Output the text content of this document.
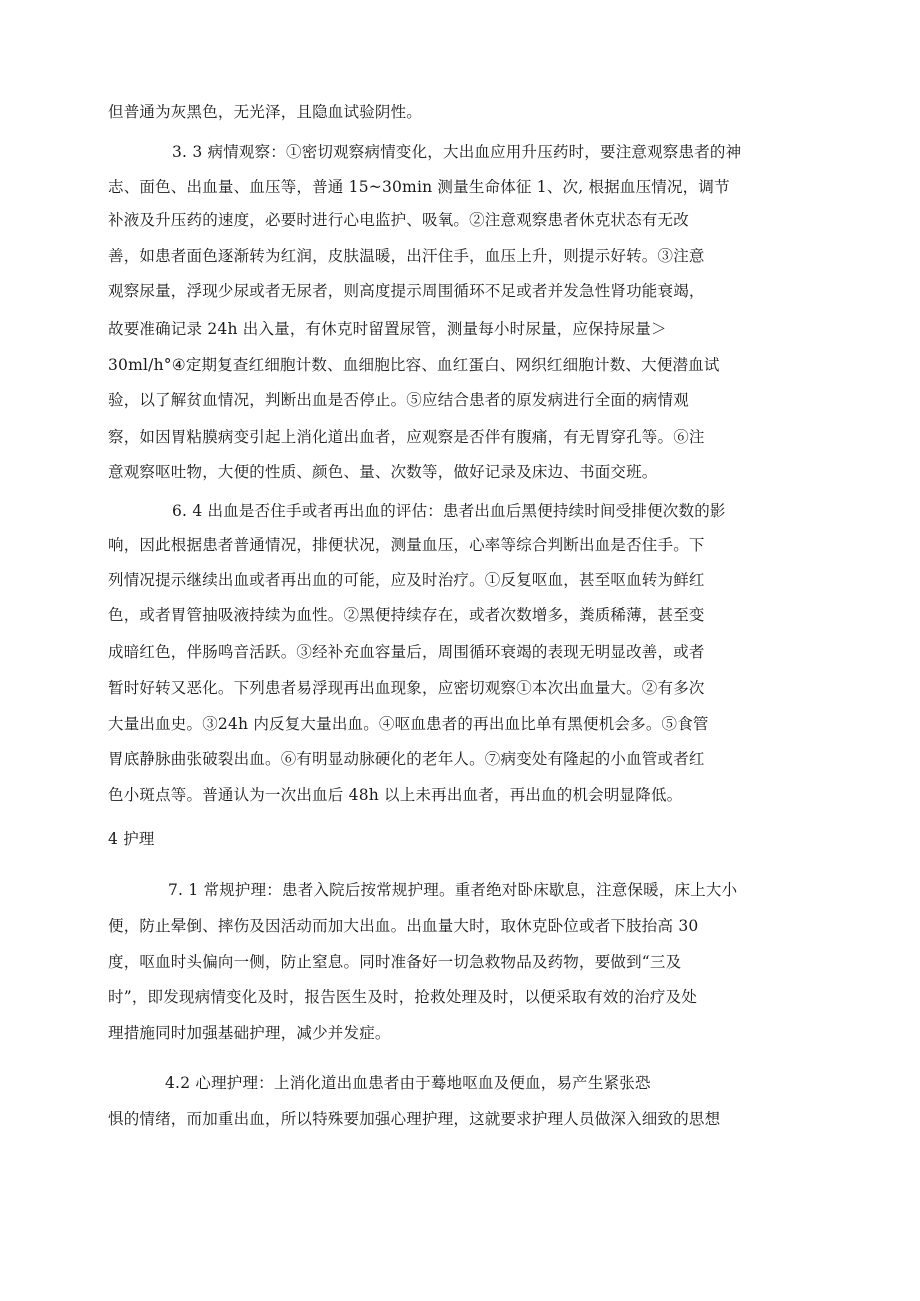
但普通为灰黑色，无光泽，且隐血试验阴性。
3. 3 病情观察：①密切观察病情变化，大出血应用升压药时，要注意观察患者的神
志、面色、出血量、血压等，普通 15~30min 测量生命体征 1、次, 根据血压情况，调节
补液及升压药的速度，必要时进行心电监护、吸氧。②注意观察患者休克状态有无改
善，如患者面色逐渐转为红润，皮肤温暖，出汗住手，血压上升，则提示好转。③注意
观察尿量，浮现少尿或者无尿者，则高度提示周围循环不足或者并发急性肾功能衰竭，
故要准确记录 24h 出入量，有休克时留置尿管，测量每小时尿量，应保持尿量＞
30ml/h°④定期复查红细胞计数、血细胞比容、血红蛋白、网织红细胞计数、大便潜血试
验，以了解贫血情况，判断出血是否停止。⑤应结合患者的原发病进行全面的病情观
察，如因胃粘膜病变引起上消化道出血者，应观察是否伴有腹痛，有无胃穿孔等。⑥注
意观察呕吐物，大便的性质、颜色、量、次数等，做好记录及床边、书面交班。
6. 4 出血是否住手或者再出血的评估：患者出血后黑便持续时间受排便次数的影
响，因此根据患者普通情况，排便状况，测量血压，心率等综合判断出血是否住手。下
列情况提示继续出血或者再出血的可能，应及时治疗。①反复呕血，甚至呕血转为鲜红
色，或者胃管抽吸液持续为血性。②黑便持续存在，或者次数增多，粪质稀薄，甚至变
成暗红色，伴肠鸣音活跃。③经补充血容量后，周围循环衰竭的表现无明显改善，或者
暂时好转又恶化。下列患者易浮现再出血现象，应密切观察①本次出血量大。②有多次
大量出血史。③24h 内反复大量出血。④呕血患者的再出血比单有黑便机会多。⑤食管
胃底静脉曲张破裂出血。⑥有明显动脉硬化的老年人。⑦病变处有隆起的小血管或者红
色小斑点等。普通认为一次出血后 48h 以上未再出血者，再出血的机会明显降低。
4 护理
7. 1 常规护理：患者入院后按常规护理。重者绝对卧床歇息，注意保暖，床上大小
便，防止晕倒、摔伤及因活动而加大出血。出血量大时，取休克卧位或者下肢抬高 30
度，呕血时头偏向一侧，防止窒息。同时准备好一切急救物品及药物，要做到“三及
时”，即发现病情变化及时，报告医生及时，抢救处理及时，以便采取有效的治疗及处
理措施同时加强基础护理，减少并发症。
4.2 心理护理：上消化道出血患者由于蓦地呕血及便血，易产生紧张恐
惧的情绪，而加重出血，所以特殊要加强心理护理，这就要求护理人员做深入细致的思想
